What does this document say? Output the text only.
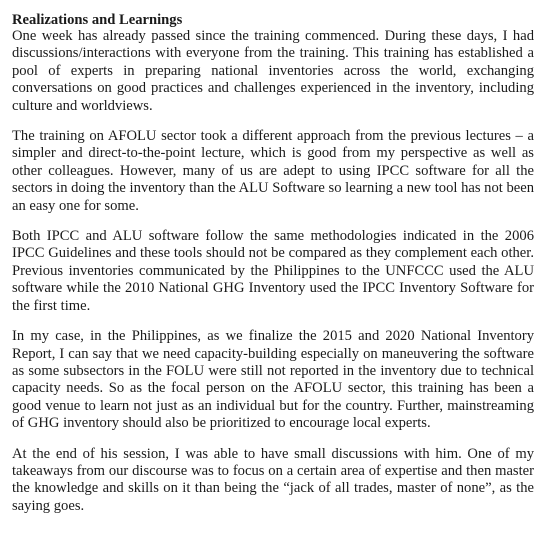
Realizations and Learnings

One week has already passed since the training commenced. During these days, I had discussions/interactions with everyone from the training. This training has established a pool of experts in preparing national inventories across the world, exchanging conversations on good practices and challenges experienced in the inventory, including culture and worldviews.

The training on AFOLU sector took a different approach from the previous lectures – a simpler and direct-to-the-point lecture, which is good from my perspective as well as other colleagues. However, many of us are adept to using IPCC software for all the sectors in doing the inventory than the ALU Software so learning a new tool has not been an easy one for some.

Both IPCC and ALU software follow the same methodologies indicated in the 2006 IPCC Guidelines and these tools should not be compared as they complement each other. Previous inventories communicated by the Philippines to the UNFCCC used the ALU software while the 2010 National GHG Inventory used the IPCC Inventory Software for the first time.

In my case, in the Philippines, as we finalize the 2015 and 2020 National Inventory Report, I can say that we need capacity-building especially on maneuvering the software as some subsectors in the FOLU were still not reported in the inventory due to technical capacity needs. So as the focal person on the AFOLU sector, this training has been a good venue to learn not just as an individual but for the country. Further, mainstreaming of GHG inventory should also be prioritized to encourage local experts.

At the end of his session, I was able to have small discussions with him. One of my takeaways from our discourse was to focus on a certain area of expertise and then master the knowledge and skills on it than being the “jack of all trades, master of none”, as the saying goes.
